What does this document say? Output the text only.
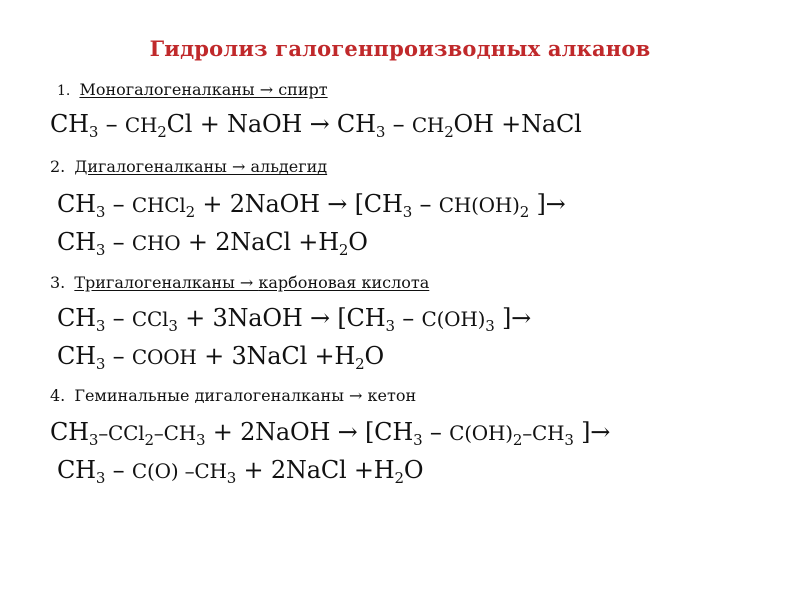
Гидролиз галогенпроизводных алканов
1. Моногалогеналканы → спирт
$CH_3 - CH_2Cl$ + NaOH → $CH_3 - CH_2OH$ +NaCl
2. Дигалогеналканы → альдегид
$CH_3$ – CHCl$_2$ + 2NaOH → [$CH_3 - CH(OH)_2$ ]→
$CH_3$ – CHO + 2NaCl $+H_2O$
3. Тригалогеналканы → карбоновая кислота
$CH_3 - CCl_3$ + 3NaOH → [$CH_3 - C(OH)_3$ ]→
$CH_3$ – COOH + 3NaCl $+H_2O$
4. Геминальные дигалогеналканы → кетон
$CH_3-CCl_2-CH_3$ + 2NaOH → [$CH_3 - C(OH)_2-CH_3$ ]→
$CH_3 - C(O) -CH_3$ + 2NaCl $+H_2O$
